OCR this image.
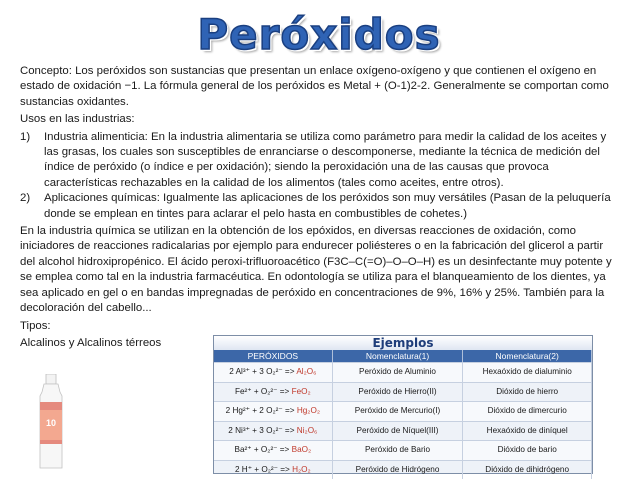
Peróxidos

Concepto: Los peróxidos son sustancias que presentan un enlace oxígeno-oxígeno y que contienen el oxígeno en estado de oxidación −1. La fórmula general de los peróxidos es Metal + (O-1)2-2. Generalmente se comportan como sustancias oxidantes.

Usos en las industrias:

1)	Industria alimenticia: En la industria alimentaria se utiliza como parámetro para medir la calidad de los aceites y las grasas, los cuales son susceptibles de enranciarse o descomponerse, mediante la técnica de medición del índice de peróxido (o índice e per oxidación); siendo la peroxidación una de las causas que provoca características rechazables en la calidad de los alimentos (tales como aceites, entre otros).
2)	Aplicaciones químicas: Igualmente las aplicaciones de los peróxidos son muy versátiles (Pasan de la peluquería donde se emplean en tintes para aclarar el pelo hasta en combustibles de cohetes.)

En la industria química se utilizan en la obtención de los epóxidos, en diversas reacciones de oxidación, como iniciadores de reacciones radicalarias por ejemplo para endurecer poliésteres o en la fabricación del glicerol a partir del alcohol hidroxipropénico. El ácido peroxi-trifluoroacético (F3C–C(=O)–O–O–H) es un desinfectante muy potente y se emplea como tal en la industria farmacéutica. En odontología se utiliza para el blanqueamiento de los dientes, ya sea aplicado en gel o en bandas impregnadas de peróxido en concentraciones de 9%, 16% y 25%. También para la decoloración del cabello...

Tipos:

Alcalinos y Alcalinos térreos

10
Ejemplos
PERÓXIDOS	Nomenclatura(1)	Nomenclatura(2)
2 Al³⁺ + 3 O₂²⁻ => Al₂O₆	Peróxido de Aluminio	Hexaóxido de dialuminio
Fe²⁺ + O₂²⁻ => FeO₂	Peróxido de Hierro(II)	Dióxido de hierro
2 Hg²⁺ + 2 O₂²⁻ => Hg₂O₂	Peróxido de Mercurio(I)	Dióxido de dimercurio
2 Ni³⁺ + 3 O₂²⁻ => Ni₂O₆	Peróxido de Níquel(III)	Hexaóxido de diníquel
Ba²⁺ + O₂²⁻ => BaO₂	Peróxido de Bario	Dióxido de bario
2 H⁺ + O₂²⁻ => H₂O₂	Peróxido de Hidrógeno	Dióxido de dihidrógeno
